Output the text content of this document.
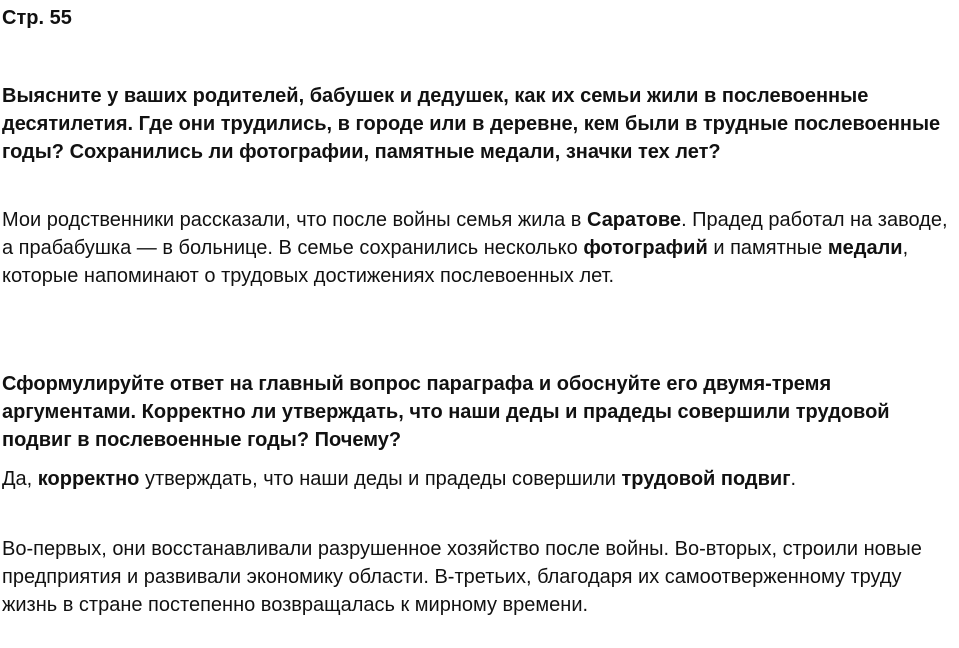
Стр. 55

Выясните у ваших родителей, бабушек и дедушек, как их семьи жили в послевоенные десятилетия. Где они трудились, в городе или в деревне, кем были в трудные послевоенные годы? Сохранились ли фотографии, памятные медали, значки тех лет?

Мои родственники рассказали, что после войны семья жила в Саратове. Прадед работал на заводе, а прабабушка — в больнице. В семье сохранились несколько фотографий и памятные медали, которые напоминают о трудовых достижениях послевоенных лет.

Сформулируйте ответ на главный вопрос параграфа и обоснуйте его двумя-тремя аргументами. Корректно ли утверждать, что наши деды и прадеды совершили трудовой подвиг в послевоенные годы? Почему?

Да, корректно утверждать, что наши деды и прадеды совершили трудовой подвиг.

Во-первых, они восстанавливали разрушенное хозяйство после войны. Во-вторых, строили новые предприятия и развивали экономику области. В-третьих, благодаря их самоотверженному труду жизнь в стране постепенно возвращалась к мирному времени.
